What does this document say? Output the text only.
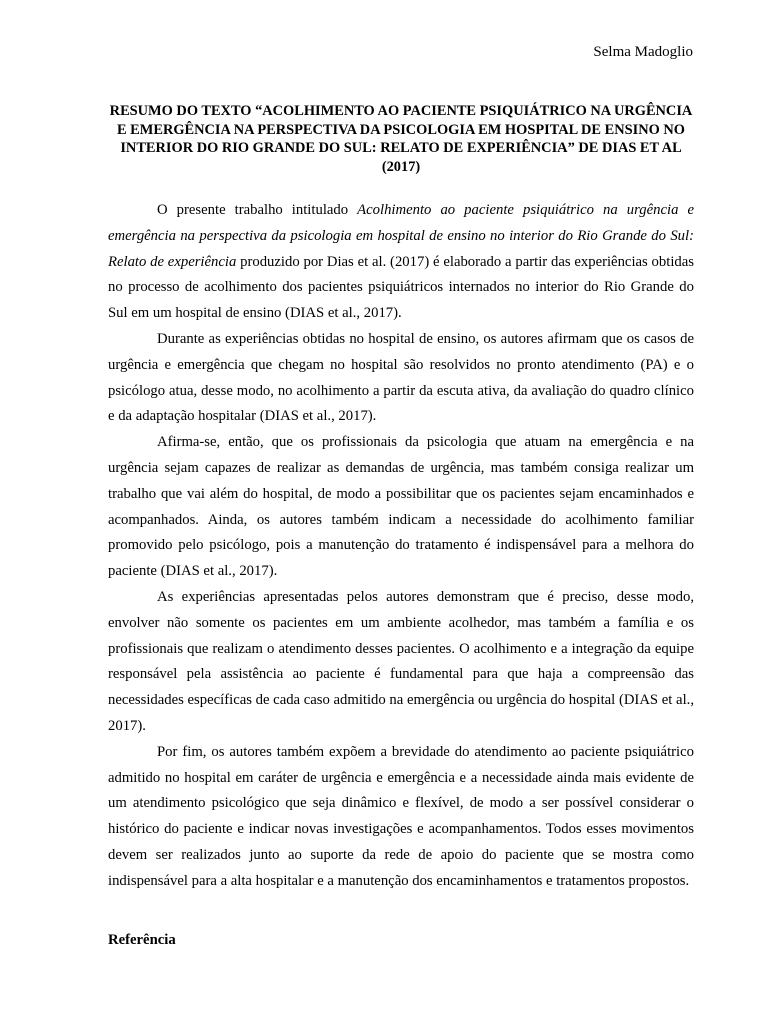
Selma Madoglio
RESUMO DO TEXTO “ACOLHIMENTO AO PACIENTE PSIQUIÁTRICO NA URGÊNCIA E EMERGÊNCIA NA PERSPECTIVA DA PSICOLOGIA EM HOSPITAL DE ENSINO NO INTERIOR DO RIO GRANDE DO SUL: RELATO DE EXPERIÊNCIA” DE DIAS ET AL (2017)

O presente trabalho intitulado Acolhimento ao paciente psiquiátrico na urgência e emergência na perspectiva da psicologia em hospital de ensino no interior do Rio Grande do Sul: Relato de experiência produzido por Dias et al. (2017) é elaborado a partir das experiências obtidas no processo de acolhimento dos pacientes psiquiátricos internados no interior do Rio Grande do Sul em um hospital de ensino (DIAS et al., 2017).

Durante as experiências obtidas no hospital de ensino, os autores afirmam que os casos de urgência e emergência que chegam no hospital são resolvidos no pronto atendimento (PA) e o psicólogo atua, desse modo, no acolhimento a partir da escuta ativa, da avaliação do quadro clínico e da adaptação hospitalar (DIAS et al., 2017).

Afirma-se, então, que os profissionais da psicologia que atuam na emergência e na urgência sejam capazes de realizar as demandas de urgência, mas também consiga realizar um trabalho que vai além do hospital, de modo a possibilitar que os pacientes sejam encaminhados e acompanhados. Ainda, os autores também indicam a necessidade do acolhimento familiar promovido pelo psicólogo, pois a manutenção do tratamento é indispensável para a melhora do paciente (DIAS et al., 2017).

As experiências apresentadas pelos autores demonstram que é preciso, desse modo, envolver não somente os pacientes em um ambiente acolhedor, mas também a família e os profissionais que realizam o atendimento desses pacientes. O acolhimento e a integração da equipe responsável pela assistência ao paciente é fundamental para que haja a compreensão das necessidades específicas de cada caso admitido na emergência ou urgência do hospital (DIAS et al., 2017).

Por fim, os autores também expõem a brevidade do atendimento ao paciente psiquiátrico admitido no hospital em caráter de urgência e emergência e a necessidade ainda mais evidente de um atendimento psicológico que seja dinâmico e flexível, de modo a ser possível considerar o histórico do paciente e indicar novas investigações e acompanhamentos. Todos esses movimentos devem ser realizados junto ao suporte da rede de apoio do paciente que se mostra como indispensável para a alta hospitalar e a manutenção dos encaminhamentos e tratamentos propostos.

Referência
